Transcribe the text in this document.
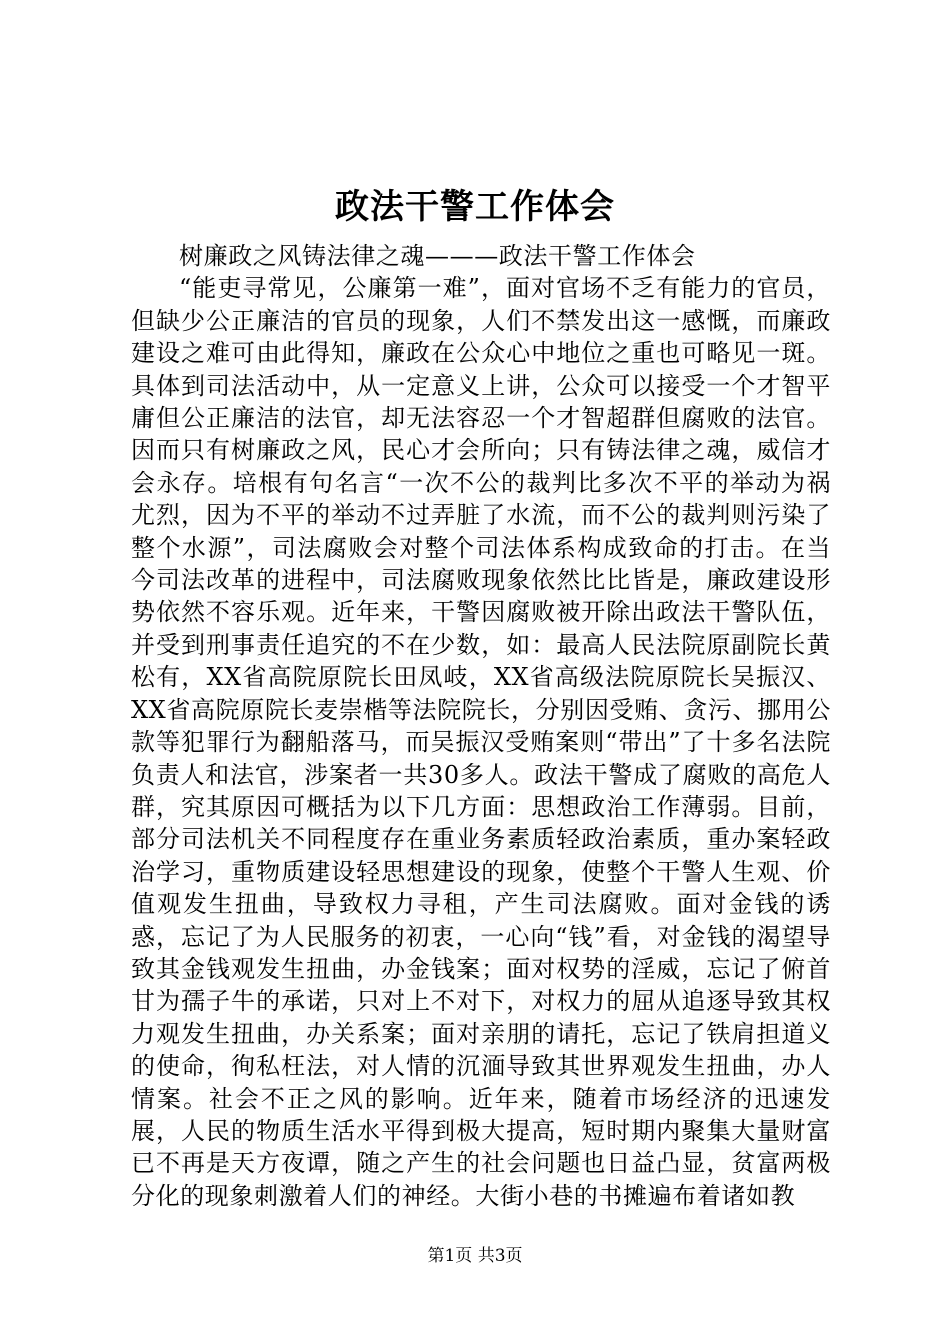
政法干警工作体会

树廉政之风铸法律之魂———政法干警工作体会

“能吏寻常见，公廉第一难”，面对官场不乏有能力的官员，但缺少公正廉洁的官员的现象，人们不禁发出这一感慨，而廉政建设之难可由此得知，廉政在公众心中地位之重也可略见一斑。具体到司法活动中，从一定意义上讲，公众可以接受一个才智平庸但公正廉洁的法官，却无法容忍一个才智超群但腐败的法官。因而只有树廉政之风，民心才会所向；只有铸法律之魂，威信才会永存。培根有句名言“一次不公的裁判比多次不平的举动为祸尤烈，因为不平的举动不过弄脏了水流，而不公的裁判则污染了整个水源”，司法腐败会对整个司法体系构成致命的打击。在当今司法改革的进程中，司法腐败现象依然比比皆是，廉政建设形势依然不容乐观。近年来，干警因腐败被开除出政法干警队伍，并受到刑事责任追究的不在少数，如：最高人民法院原副院长黄松有，XX省高院原院长田凤岐，XX省高级法院原院长吴振汉、XX省高院原院长麦崇楷等法院院长，分别因受贿、贪污、挪用公款等犯罪行为翻船落马，而吴振汉受贿案则“带出”了十多名法院负责人和法官，涉案者一共30多人。政法干警成了腐败的高危人群，究其原因可概括为以下几方面：思想政治工作薄弱。目前，部分司法机关不同程度存在重业务素质轻政治素质，重办案轻政治学习，重物质建设轻思想建设的现象，使整个干警人生观、价值观发生扭曲，导致权力寻租，产生司法腐败。面对金钱的诱惑，忘记了为人民服务的初衷，一心向“钱”看，对金钱的渴望导致其金钱观发生扭曲，办金钱案；面对权势的淫威，忘记了俯首甘为孺子牛的承诺，只对上不对下，对权力的屈从追逐导致其权力观发生扭曲，办关系案；面对亲朋的请托，忘记了铁肩担道义的使命，徇私枉法，对人情的沉湎导致其世界观发生扭曲，办人情案。社会不正之风的影响。近年来，随着市场经济的迅速发展，人民的物质生活水平得到极大提高，短时期内聚集大量财富已不再是天方夜谭，随之产生的社会问题也日益凸显，贫富两极分化的现象刺激着人们的神经。大街小巷的书摊遍布着诸如教

第1页 共3页
